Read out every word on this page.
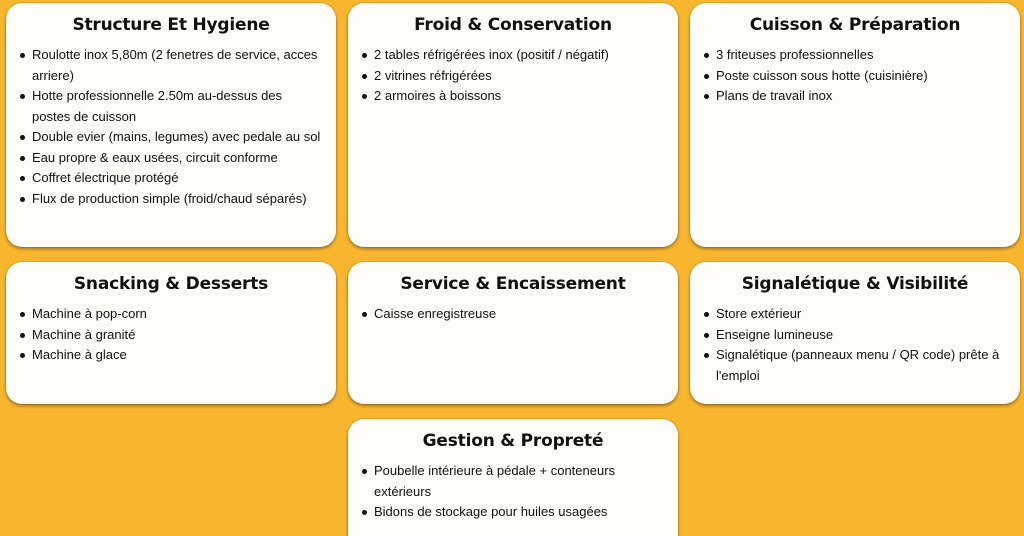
Structure Et Hygiene
Roulotte inox 5,80m (2 fenetres de service, acces arriere)
Hotte professionnelle 2.50m au-dessus des postes de cuisson
Double evier (mains, legumes) avec pedale au sol
Eau propre & eaux usées, circuit conforme
Coffret électrique protégé
Flux de production simple (froid/chaud séparés)
Froid & Conservation
2 tables réfrigérées inox (positif / négatif)
2 vitrines réfrigérées
2 armoires à boissons
Cuisson & Préparation
3 friteuses professionnelles
Poste cuisson sous hotte (cuisinière)
Plans de travail inox
Snacking & Desserts
Machine à pop-corn
Machine à granité
Machine à glace
Service & Encaissement
Caisse enregistreuse
Signalétique & Visibilité
Store extérieur
Enseigne lumineuse
Signalétique (panneaux menu / QR code) prête à l'emploi
Gestion & Propreté
Poubelle intérieure à pédale + conteneurs extérieurs
Bidons de stockage pour huiles usagées
